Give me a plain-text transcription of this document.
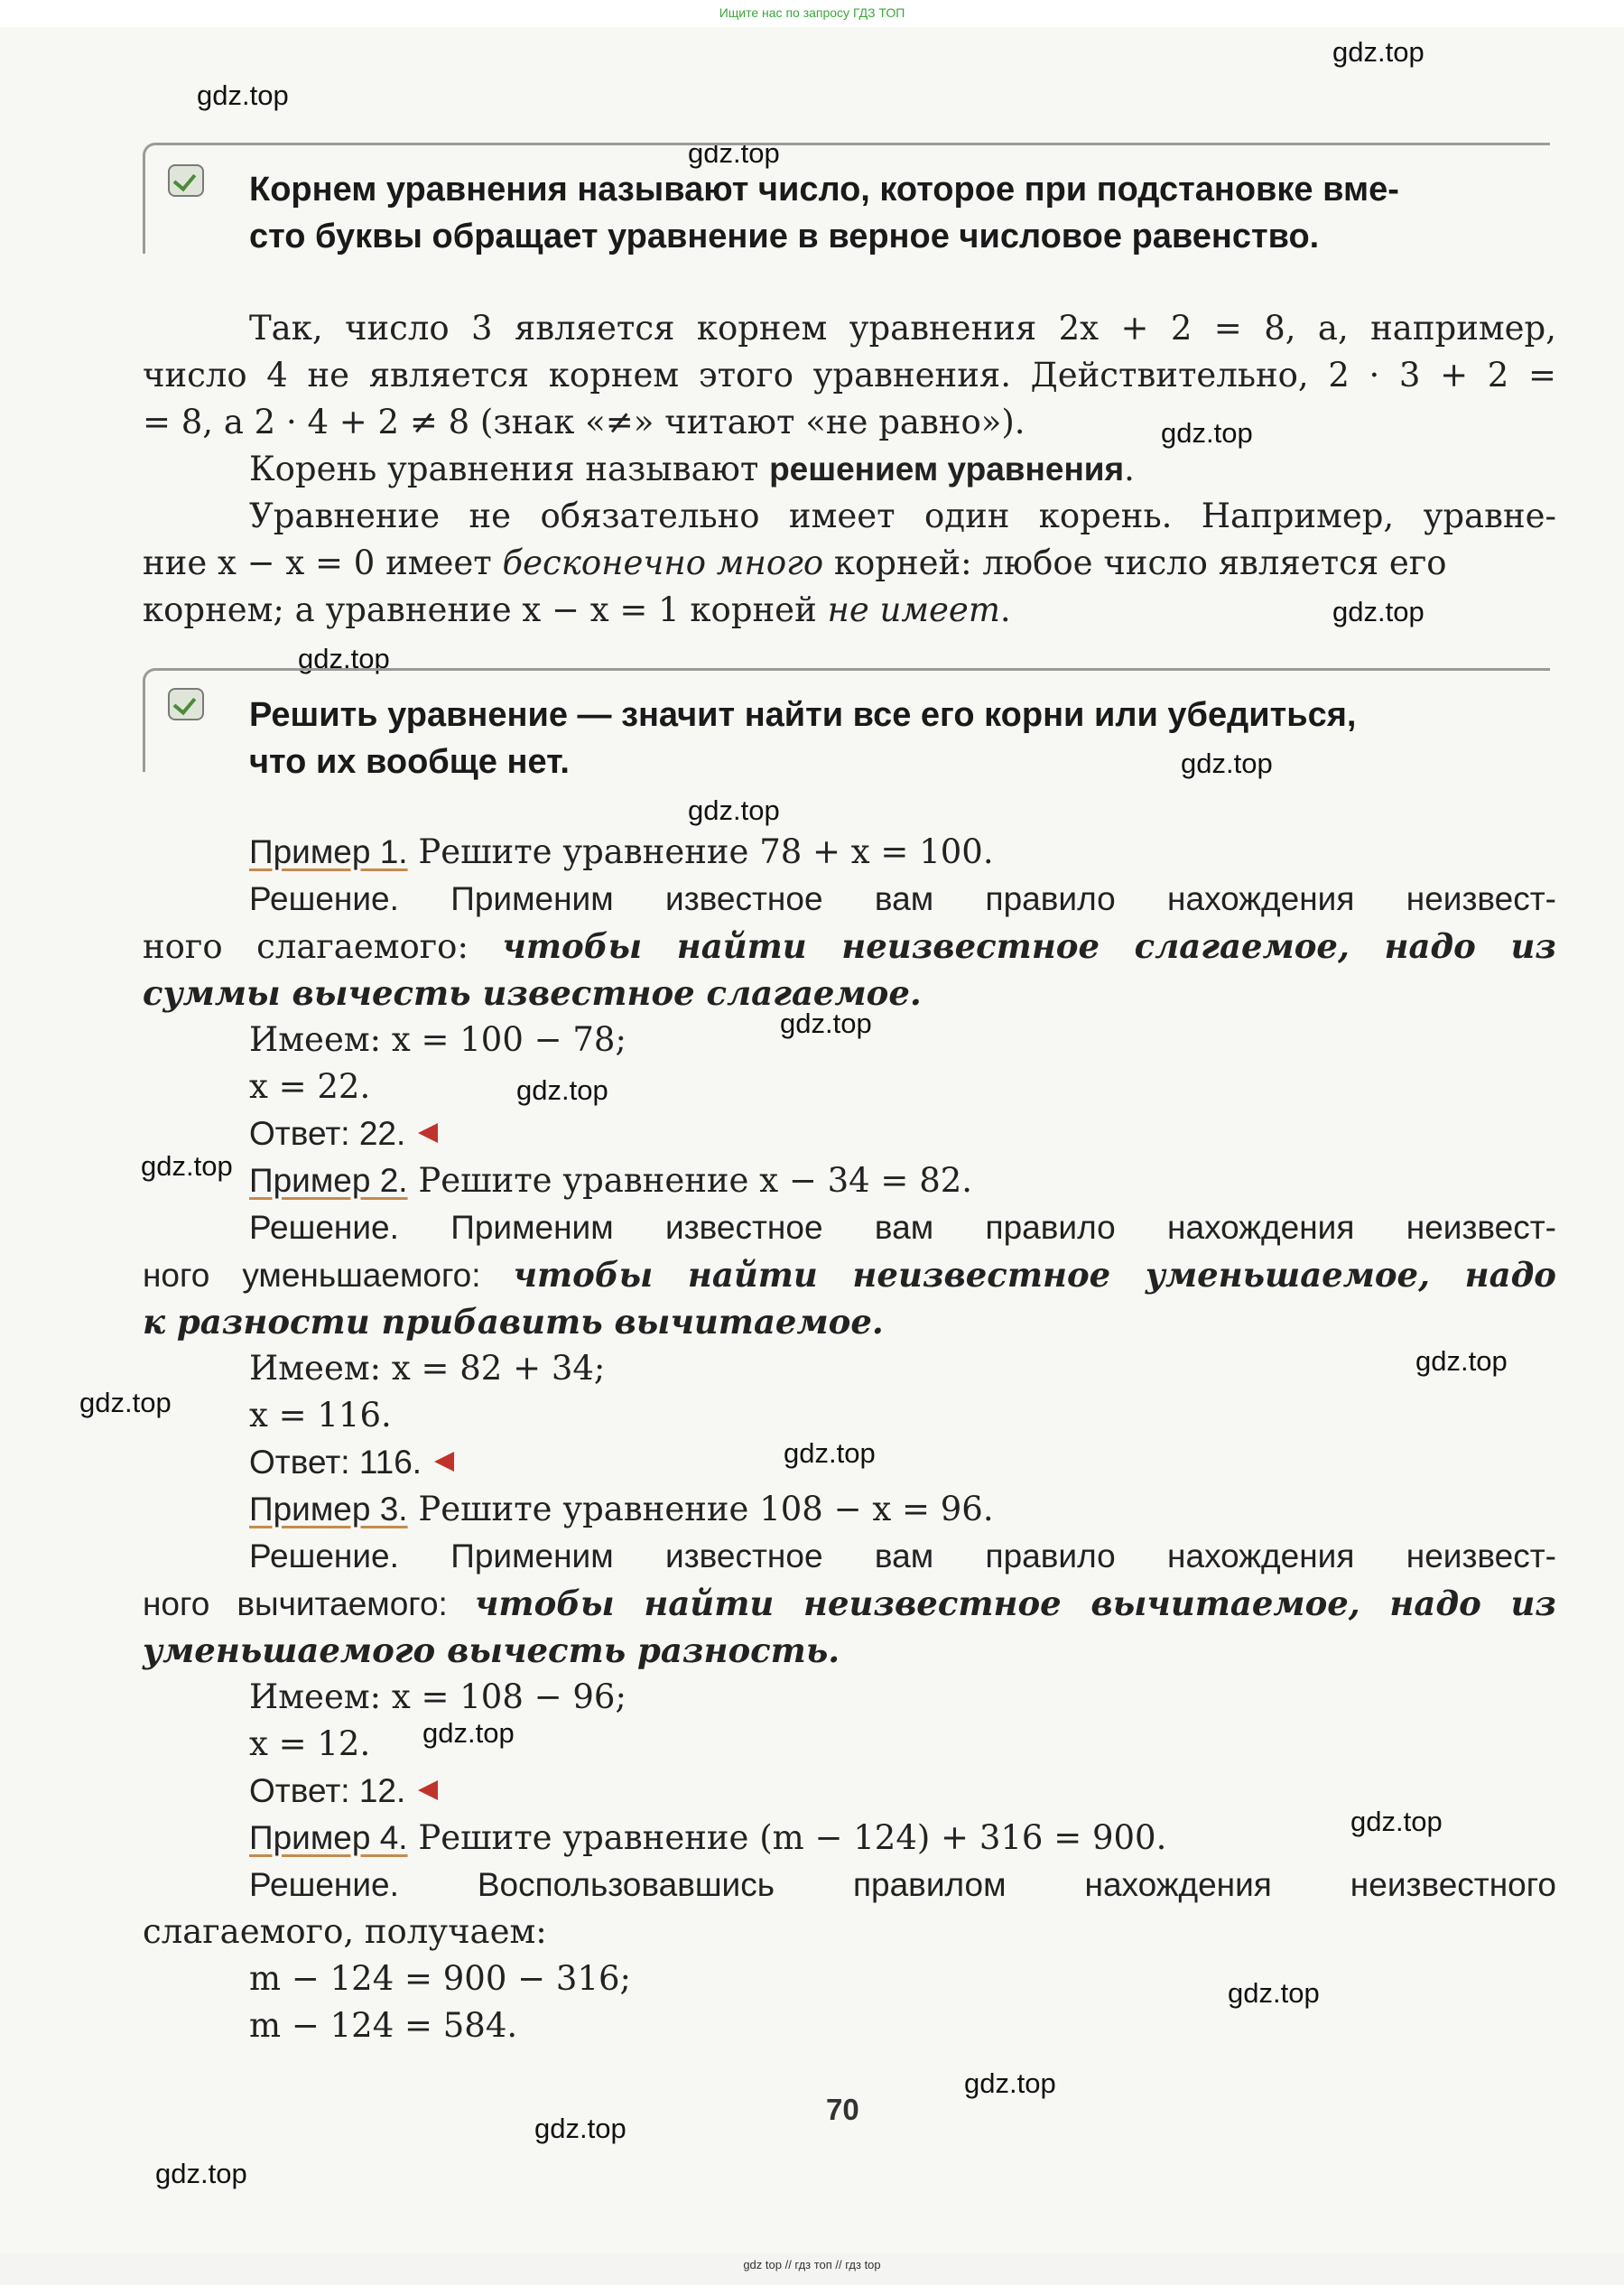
Ищите нас по запросу ГДЗ ТОП
gdz.top
gdz.top
gdz.top
gdz.top
gdz.top
gdz.top
gdz.top
gdz.top
gdz.top
gdz.top
gdz.top
gdz.top
gdz.top
gdz.top
gdz.top
gdz.top
gdz.top
gdz.top
gdz.top
gdz.top
Корнем уравнения называют число, которое при подстановке вме-
сто буквы обращает уравнение в верное числовое равенство.
Так, число 3 является корнем уравнения 2x + 2 = 8, а, например,
число 4 не является корнем этого уравнения. Действительно, 2 · 3 + 2 =
= 8, а 2 · 4 + 2 ≠ 8 (знак «≠» читают «не равно»).
Корень уравнения называют решением уравнения.
Уравнение не обязательно имеет один корень. Например, уравне-
ние x − x = 0 имеет бесконечно много корней: любое число является его
корнем; а уравнение x − x = 1 корней не имеет.
Решить уравнение — значит найти все его корни или убедиться,
что их вообще нет.
Пример 1. Решите уравнение 78 + x = 100.
Решение. Применим известное вам правило нахождения неизвест-
ного слагаемого: чтобы найти неизвестное слагаемое, надо из
суммы вычесть известное слагаемое.
Имеем: x = 100 − 78;
x = 22.
Ответ: 22.
Пример 2. Решите уравнение x − 34 = 82.
Решение. Применим известное вам правило нахождения неизвест-
ного уменьшаемого: чтобы найти неизвестное уменьшаемое, надо
к разности прибавить вычитаемое.
Имеем: x = 82 + 34;
x = 116.
Ответ: 116.
Пример 3. Решите уравнение 108 − x = 96.
Решение. Применим известное вам правило нахождения неизвест-
ного вычитаемого: чтобы найти неизвестное вычитаемое, надо из
уменьшаемого вычесть разность.
Имеем: x = 108 − 96;
x = 12.
Ответ: 12.
Пример 4. Решите уравнение (m − 124) + 316 = 900.
Решение. Воспользовавшись правилом нахождения неизвестного
слагаемого, получаем:
m − 124 = 900 − 316;
m − 124 = 584.
70
gdz top // гдз топ // гдз top
